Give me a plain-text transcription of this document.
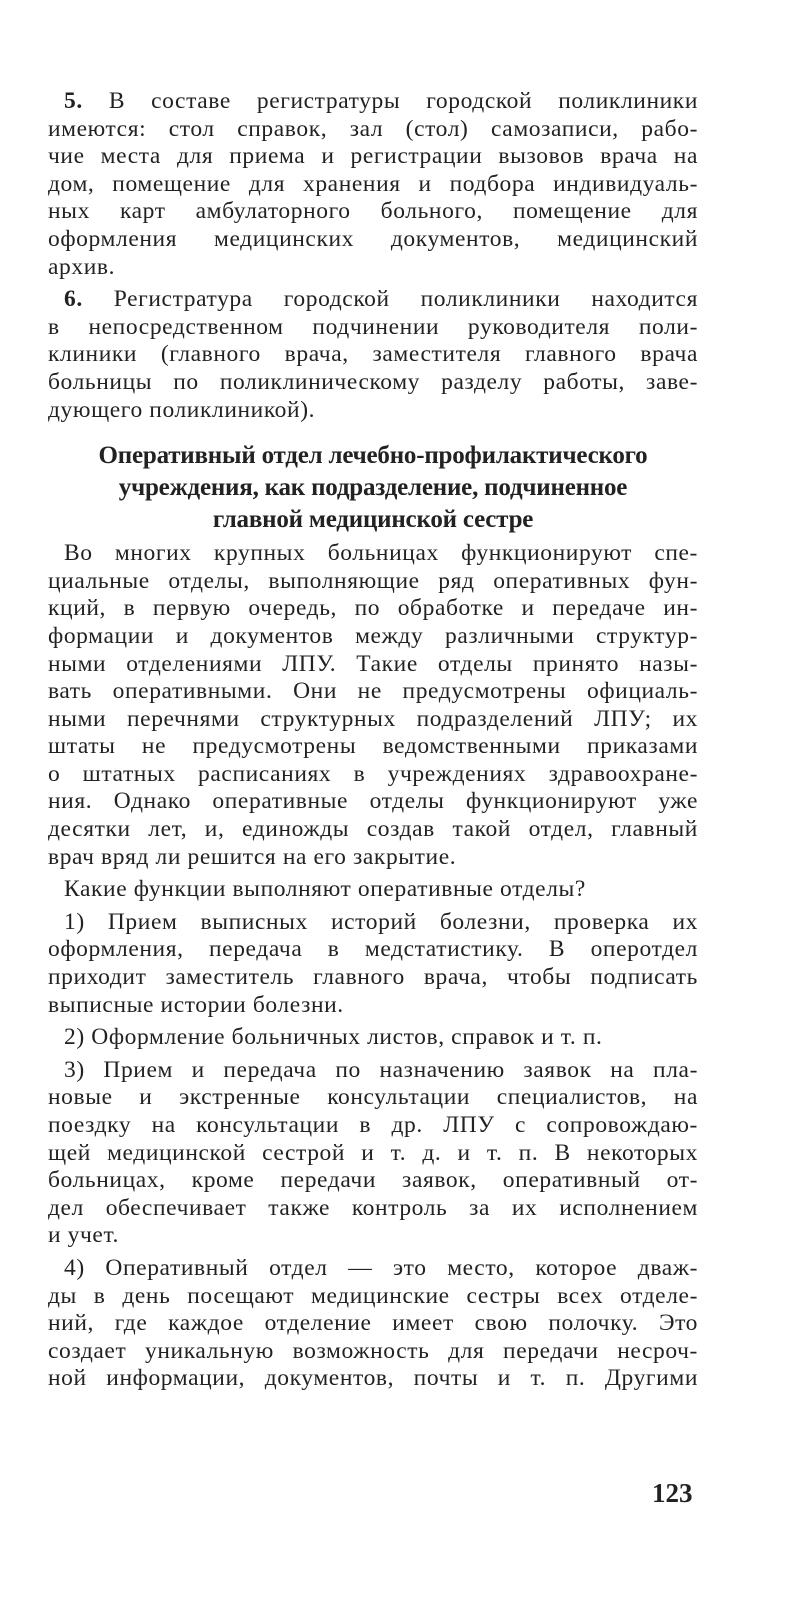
5. В составе регистратуры городской поликлиники
имеются: стол справок, зал (стол) самозаписи, рабо-
чие места для приема и регистрации вызовов врача на
дом, помещение для хранения и подбора индивидуаль-
ных карт амбулаторного больного, помещение для
оформления медицинских документов, медицинский
архив.
6. Регистратура городской поликлиники находится
в непосредственном подчинении руководителя поли-
клиники (главного врача, заместителя главного врача
больницы по поликлиническому разделу работы, заве-
дующего поликлиникой).
Оперативный отдел лечебно-профилактического
учреждения, как подразделение, подчиненное
главной медицинской сестре
Во многих крупных больницах функционируют спе-
циальные отделы, выполняющие ряд оперативных фун-
кций, в первую очередь, по обработке и передаче ин-
формации и документов между различными структур-
ными отделениями ЛПУ. Такие отделы принято назы-
вать оперативными. Они не предусмотрены официаль-
ными перечнями структурных подразделений ЛПУ; их
штаты не предусмотрены ведомственными приказами
о штатных расписаниях в учреждениях здравоохране-
ния. Однако оперативные отделы функционируют уже
десятки лет, и, единожды создав такой отдел, главный
врач вряд ли решится на его закрытие.
Какие функции выполняют оперативные отделы?
1) Прием выписных историй болезни, проверка их
оформления, передача в медстатистику. В оперотдел
приходит заместитель главного врача, чтобы подписать
выписные истории болезни.
2) Оформление больничных листов, справок и т. п.
3) Прием и передача по назначению заявок на пла-
новые и экстренные консультации специалистов, на
поездку на консультации в др. ЛПУ с сопровождаю-
щей медицинской сестрой и т. д. и т. п. В некоторых
больницах, кроме передачи заявок, оперативный от-
дел обеспечивает также контроль за их исполнением
и учет.
4) Оперативный отдел — это место, которое дваж-
ды в день посещают медицинские сестры всех отделе-
ний, где каждое отделение имеет свою полочку. Это
создает уникальную возможность для передачи несроч-
ной информации, документов, почты и т. п. Другими
123
